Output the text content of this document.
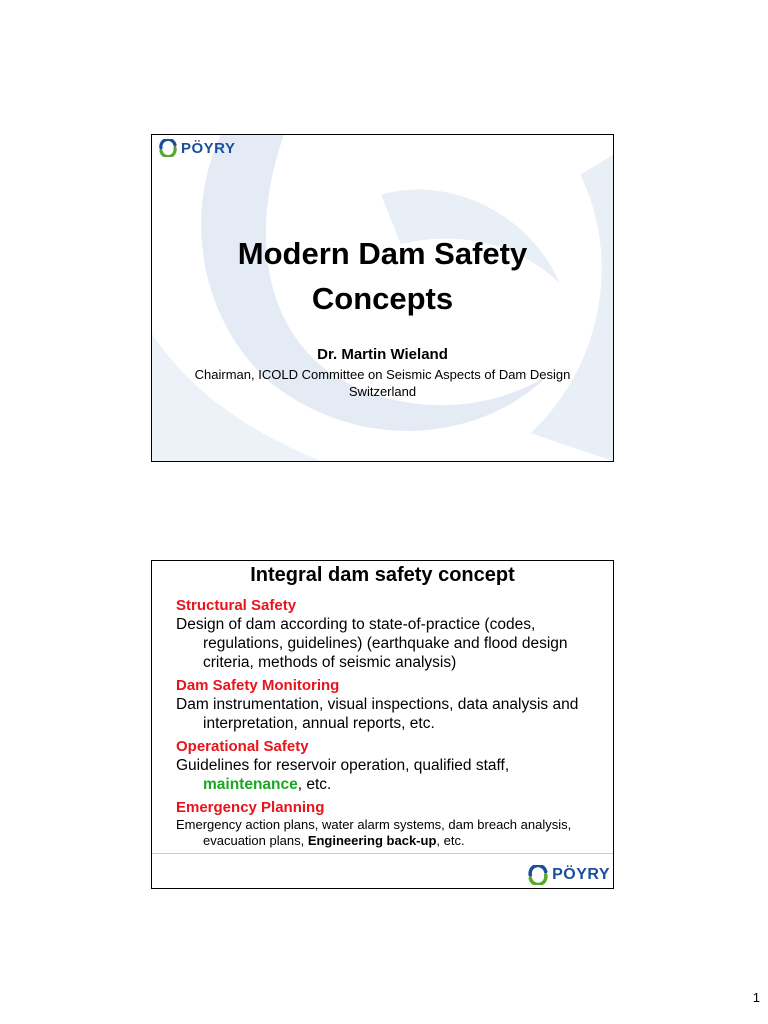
PÖYRY
Modern Dam Safety
Concepts
Dr. Martin Wieland
Chairman, ICOLD Committee on Seismic Aspects of Dam Design
Switzerland
Integral dam safety concept
Structural Safety
Design of dam according to state-of-practice (codes, regulations, guidelines) (earthquake and flood design criteria, methods of seismic analysis)
Dam Safety Monitoring
Dam instrumentation, visual inspections, data analysis and interpretation, annual reports, etc.
Operational Safety
Guidelines for reservoir operation, qualified staff, maintenance, etc.
Emergency Planning
Emergency action plans, water alarm systems, dam breach analysis, evacuation plans, Engineering back-up, etc.
PÖYRY
1
